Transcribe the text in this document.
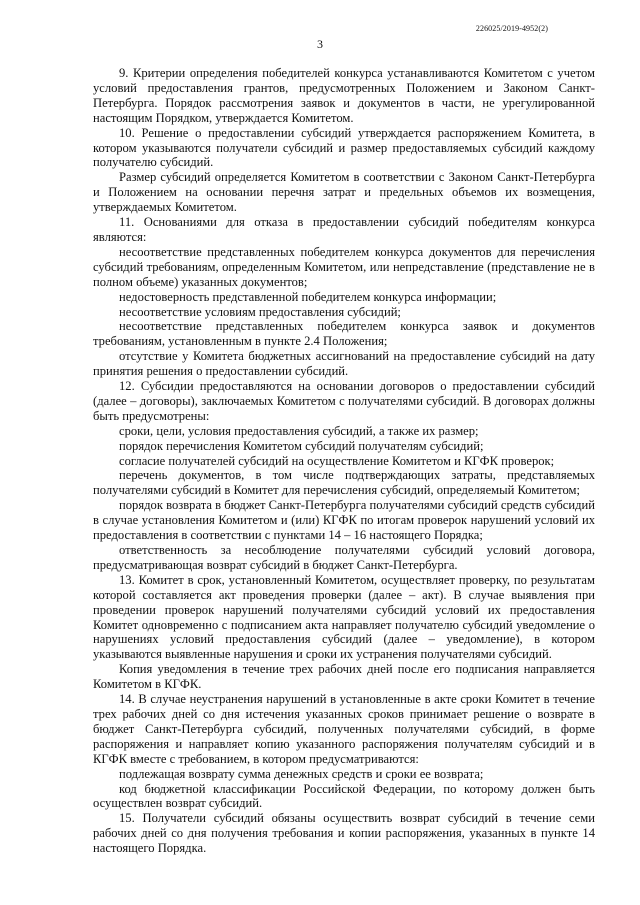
226025/2019-4952(2)
3

9. Критерии определения победителей конкурса устанавливаются Комитетом с учетом условий предоставления грантов, предусмотренных Положением и Законом Санкт-Петербурга. Порядок рассмотрения заявок и документов в части, не урегулированной настоящим Порядком, утверждается Комитетом.

10. Решение о предоставлении субсидий утверждается распоряжением Комитета, в котором указываются получатели субсидий и размер предоставляемых субсидий каждому получателю субсидий.

Размер субсидий определяется Комитетом в соответствии с Законом Санкт-Петербурга и Положением на основании перечня затрат и предельных объемов их возмещения, утверждаемых Комитетом.

11. Основаниями для отказа в предоставлении субсидий победителям конкурса являются:

несоответствие представленных победителем конкурса документов для перечисления субсидий требованиям, определенным Комитетом, или непредставление (представление не в полном объеме) указанных документов;

недостоверность представленной победителем конкурса информации;

несоответствие условиям предоставления субсидий;

несоответствие представленных победителем конкурса заявок и документов требованиям, установленным в пункте 2.4 Положения;

отсутствие у Комитета бюджетных ассигнований на предоставление субсидий на дату принятия решения о предоставлении субсидий.

12. Субсидии предоставляются на основании договоров о предоставлении субсидий (далее – договоры), заключаемых Комитетом с получателями субсидий. В договорах должны быть предусмотрены:

сроки, цели, условия предоставления субсидий, а также их размер;

порядок перечисления Комитетом субсидий получателям субсидий;

согласие получателей субсидий на осуществление Комитетом и КГФК проверок;

перечень документов, в том числе подтверждающих затраты, представляемых получателями субсидий в Комитет для перечисления субсидий, определяемый Комитетом;

порядок возврата в бюджет Санкт-Петербурга получателями субсидий средств субсидий в случае установления Комитетом и (или) КГФК по итогам проверок нарушений условий их предоставления в соответствии с пунктами 14 – 16 настоящего Порядка;

ответственность за несоблюдение получателями субсидий условий договора, предусматривающая возврат субсидий в бюджет Санкт-Петербурга.

13. Комитет в срок, установленный Комитетом, осуществляет проверку, по результатам которой составляется акт проведения проверки (далее – акт). В случае выявления при проведении проверок нарушений получателями субсидий условий их предоставления Комитет одновременно с подписанием акта направляет получателю субсидий уведомление о нарушениях условий предоставления субсидий (далее – уведомление), в котором указываются выявленные нарушения и сроки их устранения получателями субсидий.

Копия уведомления в течение трех рабочих дней после его подписания направляется Комитетом в КГФК.

14. В случае неустранения нарушений в установленные в акте сроки Комитет в течение трех рабочих дней со дня истечения указанных сроков принимает решение о возврате в бюджет Санкт-Петербурга субсидий, полученных получателями субсидий, в форме распоряжения и направляет копию указанного распоряжения получателям субсидий и в КГФК вместе с требованием, в котором предусматриваются:

подлежащая возврату сумма денежных средств и сроки ее возврата;

код бюджетной классификации Российской Федерации, по которому должен быть осуществлен возврат субсидий.

15. Получатели субсидий обязаны осуществить возврат субсидий в течение семи рабочих дней со дня получения требования и копии распоряжения, указанных в пункте 14 настоящего Порядка.
